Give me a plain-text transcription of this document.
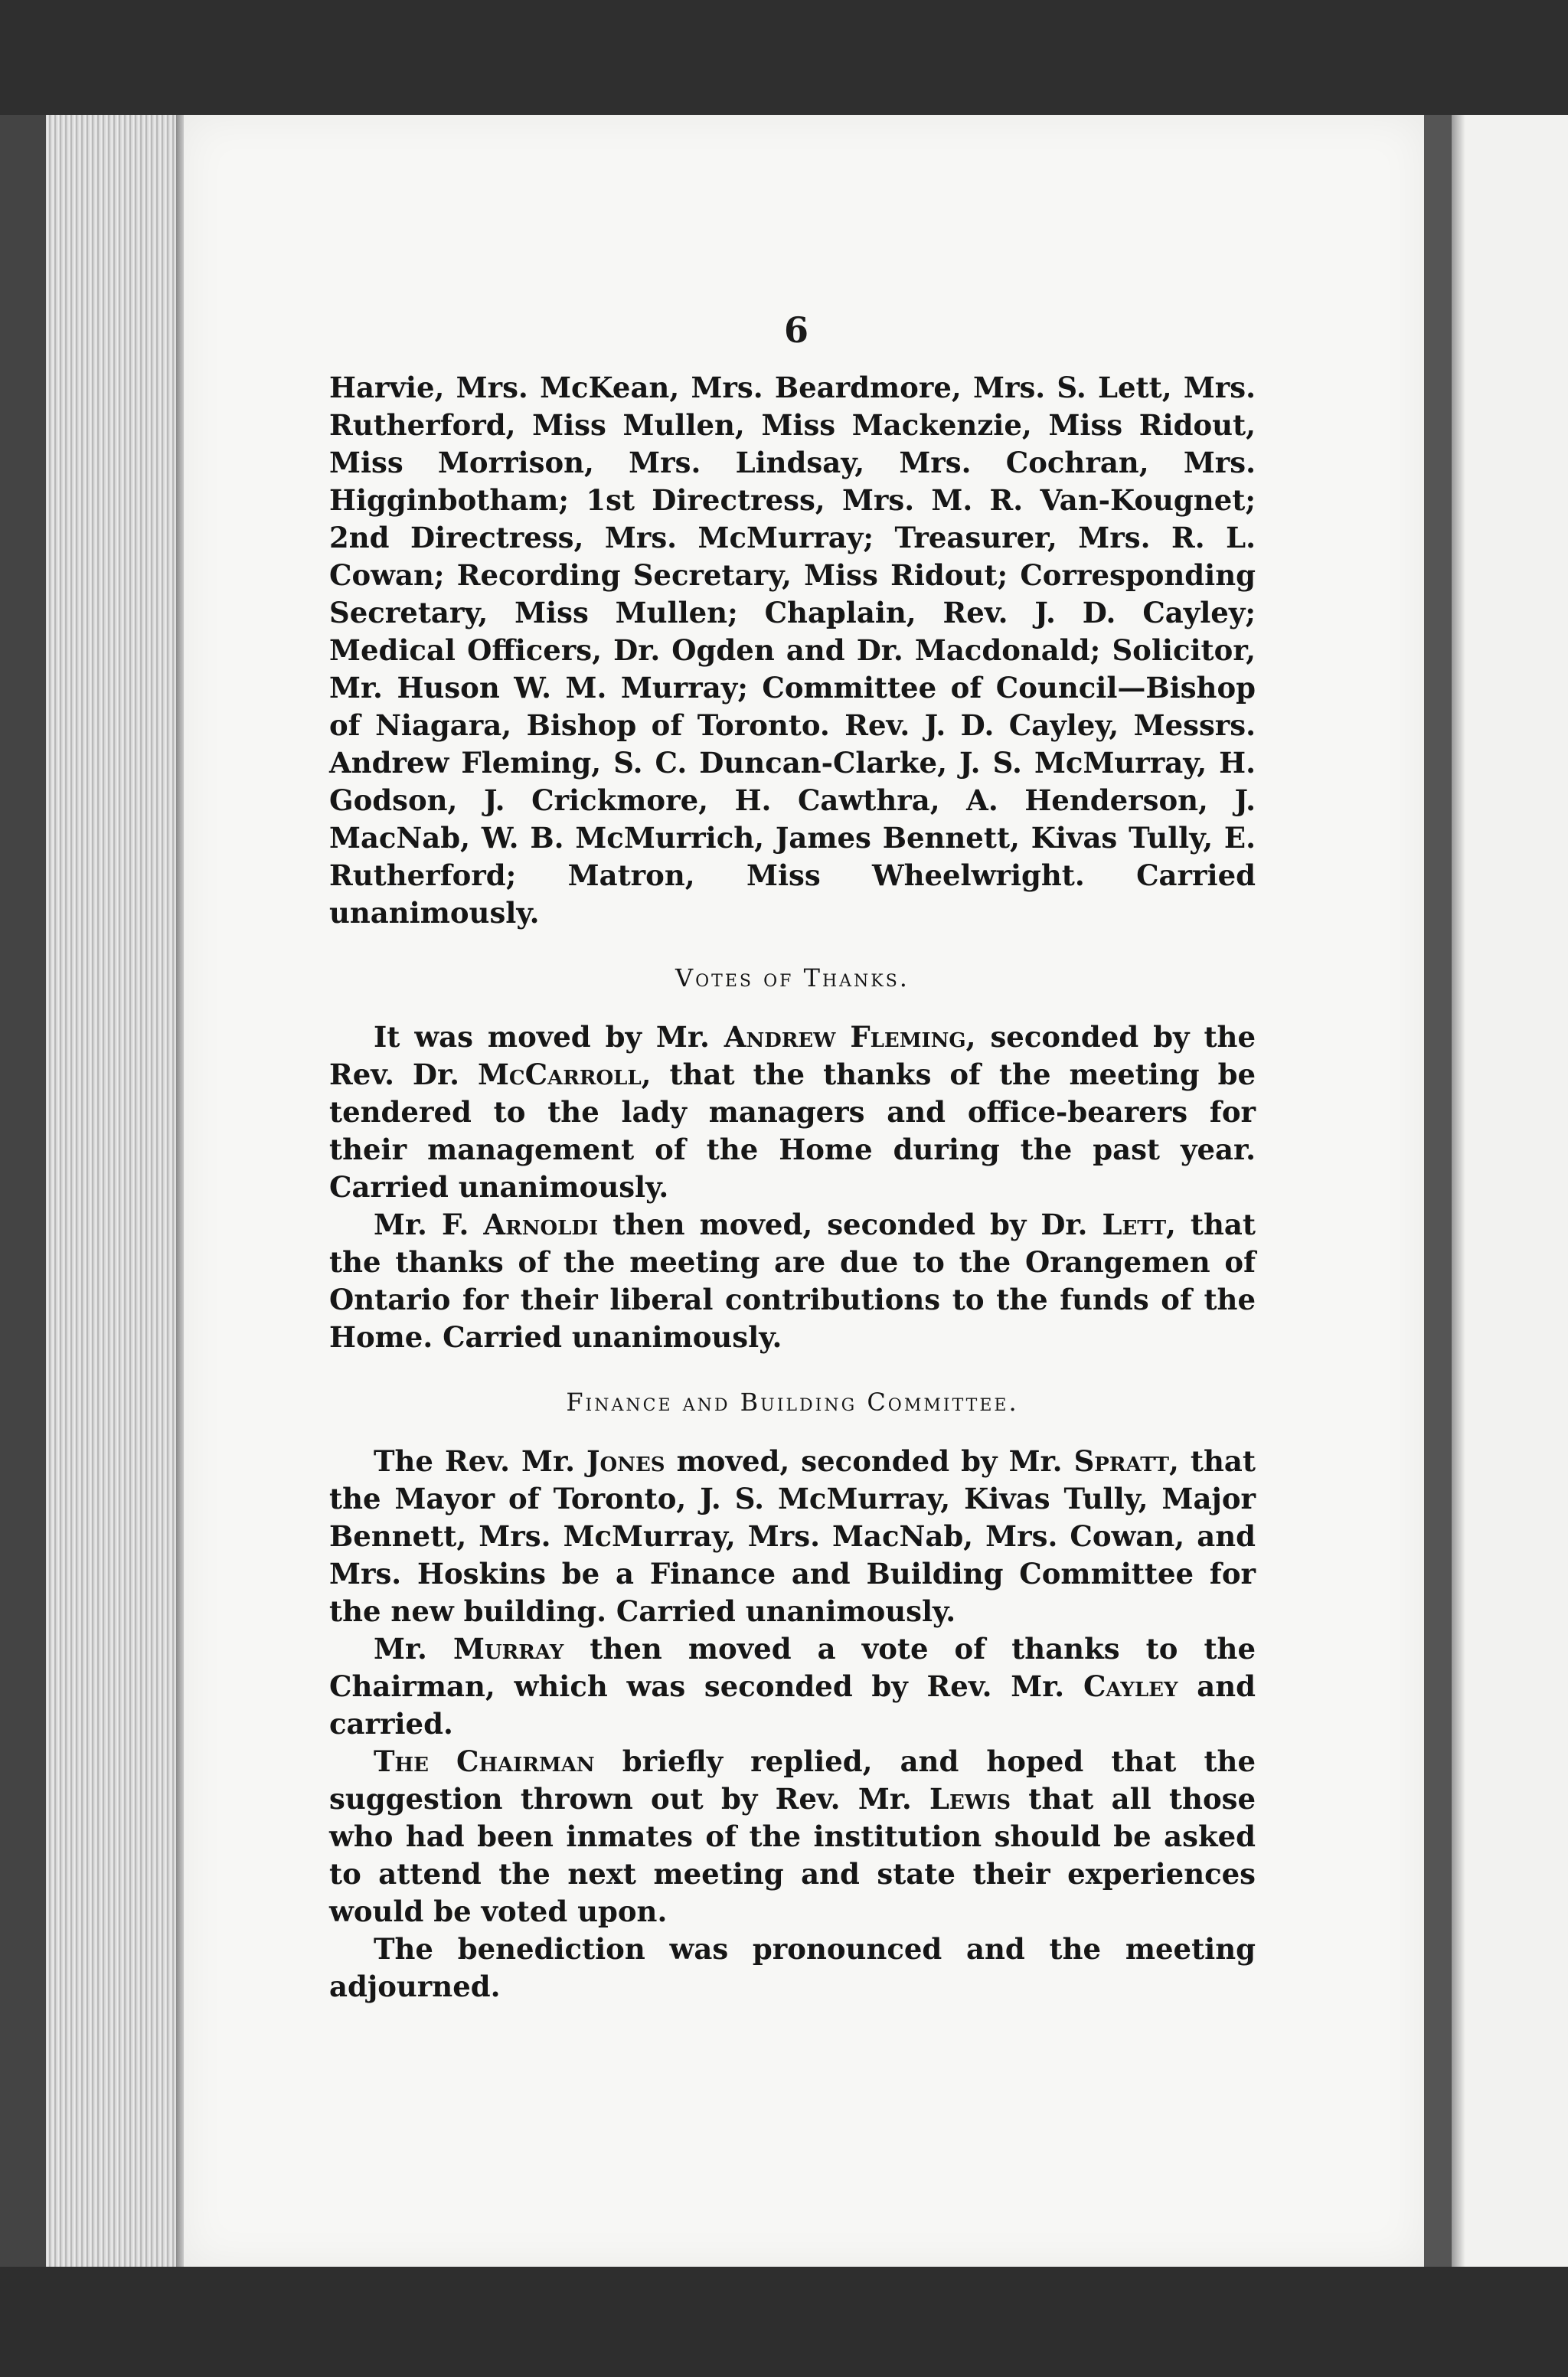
6

Harvie, Mrs. McKean, Mrs. Beardmore, Mrs. S. Lett, Mrs. Rutherford, Miss Mullen, Miss Mackenzie, Miss Ridout, Miss Morrison, Mrs. Lindsay, Mrs. Cochran, Mrs. Higginbotham; 1st Directress, Mrs. M. R. Van-Kougnet; 2nd Directress, Mrs. McMurray; Treasurer, Mrs. R. L. Cowan; Recording Secretary, Miss Ridout; Corresponding Secretary, Miss Mullen; Chaplain, Rev. J. D. Cayley; Medical Officers, Dr. Ogden and Dr. Macdonald; Solicitor, Mr. Huson W. M. Murray; Committee of Council—Bishop of Niagara, Bishop of Toronto. Rev. J. D. Cayley, Messrs. Andrew Fleming, S. C. Duncan-Clarke, J. S. McMurray, H. Godson, J. Crickmore, H. Cawthra, A. Henderson, J. MacNab, W. B. McMurrich, James Bennett, Kivas Tully, E. Rutherford; Matron, Miss Wheelwright. Carried unanimously.

Votes of Thanks.

It was moved by Mr. Andrew Fleming, seconded by the Rev. Dr. McCarroll, that the thanks of the meeting be tendered to the lady managers and office-bearers for their management of the Home during the past year. Carried unanimously.

Mr. F. Arnoldi then moved, seconded by Dr. Lett, that the thanks of the meeting are due to the Orangemen of Ontario for their liberal contributions to the funds of the Home. Carried unanimously.

Finance and Building Committee.

The Rev. Mr. Jones moved, seconded by Mr. Spratt, that the Mayor of Toronto, J. S. McMurray, Kivas Tully, Major Bennett, Mrs. McMurray, Mrs. MacNab, Mrs. Cowan, and Mrs. Hoskins be a Finance and Building Committee for the new building. Carried unanimously.

Mr. Murray then moved a vote of thanks to the Chairman, which was seconded by Rev. Mr. Cayley and carried.

The Chairman briefly replied, and hoped that the suggestion thrown out by Rev. Mr. Lewis that all those who had been inmates of the institution should be asked to attend the next meeting and state their experiences would be voted upon.

The benediction was pronounced and the meeting adjourned.
